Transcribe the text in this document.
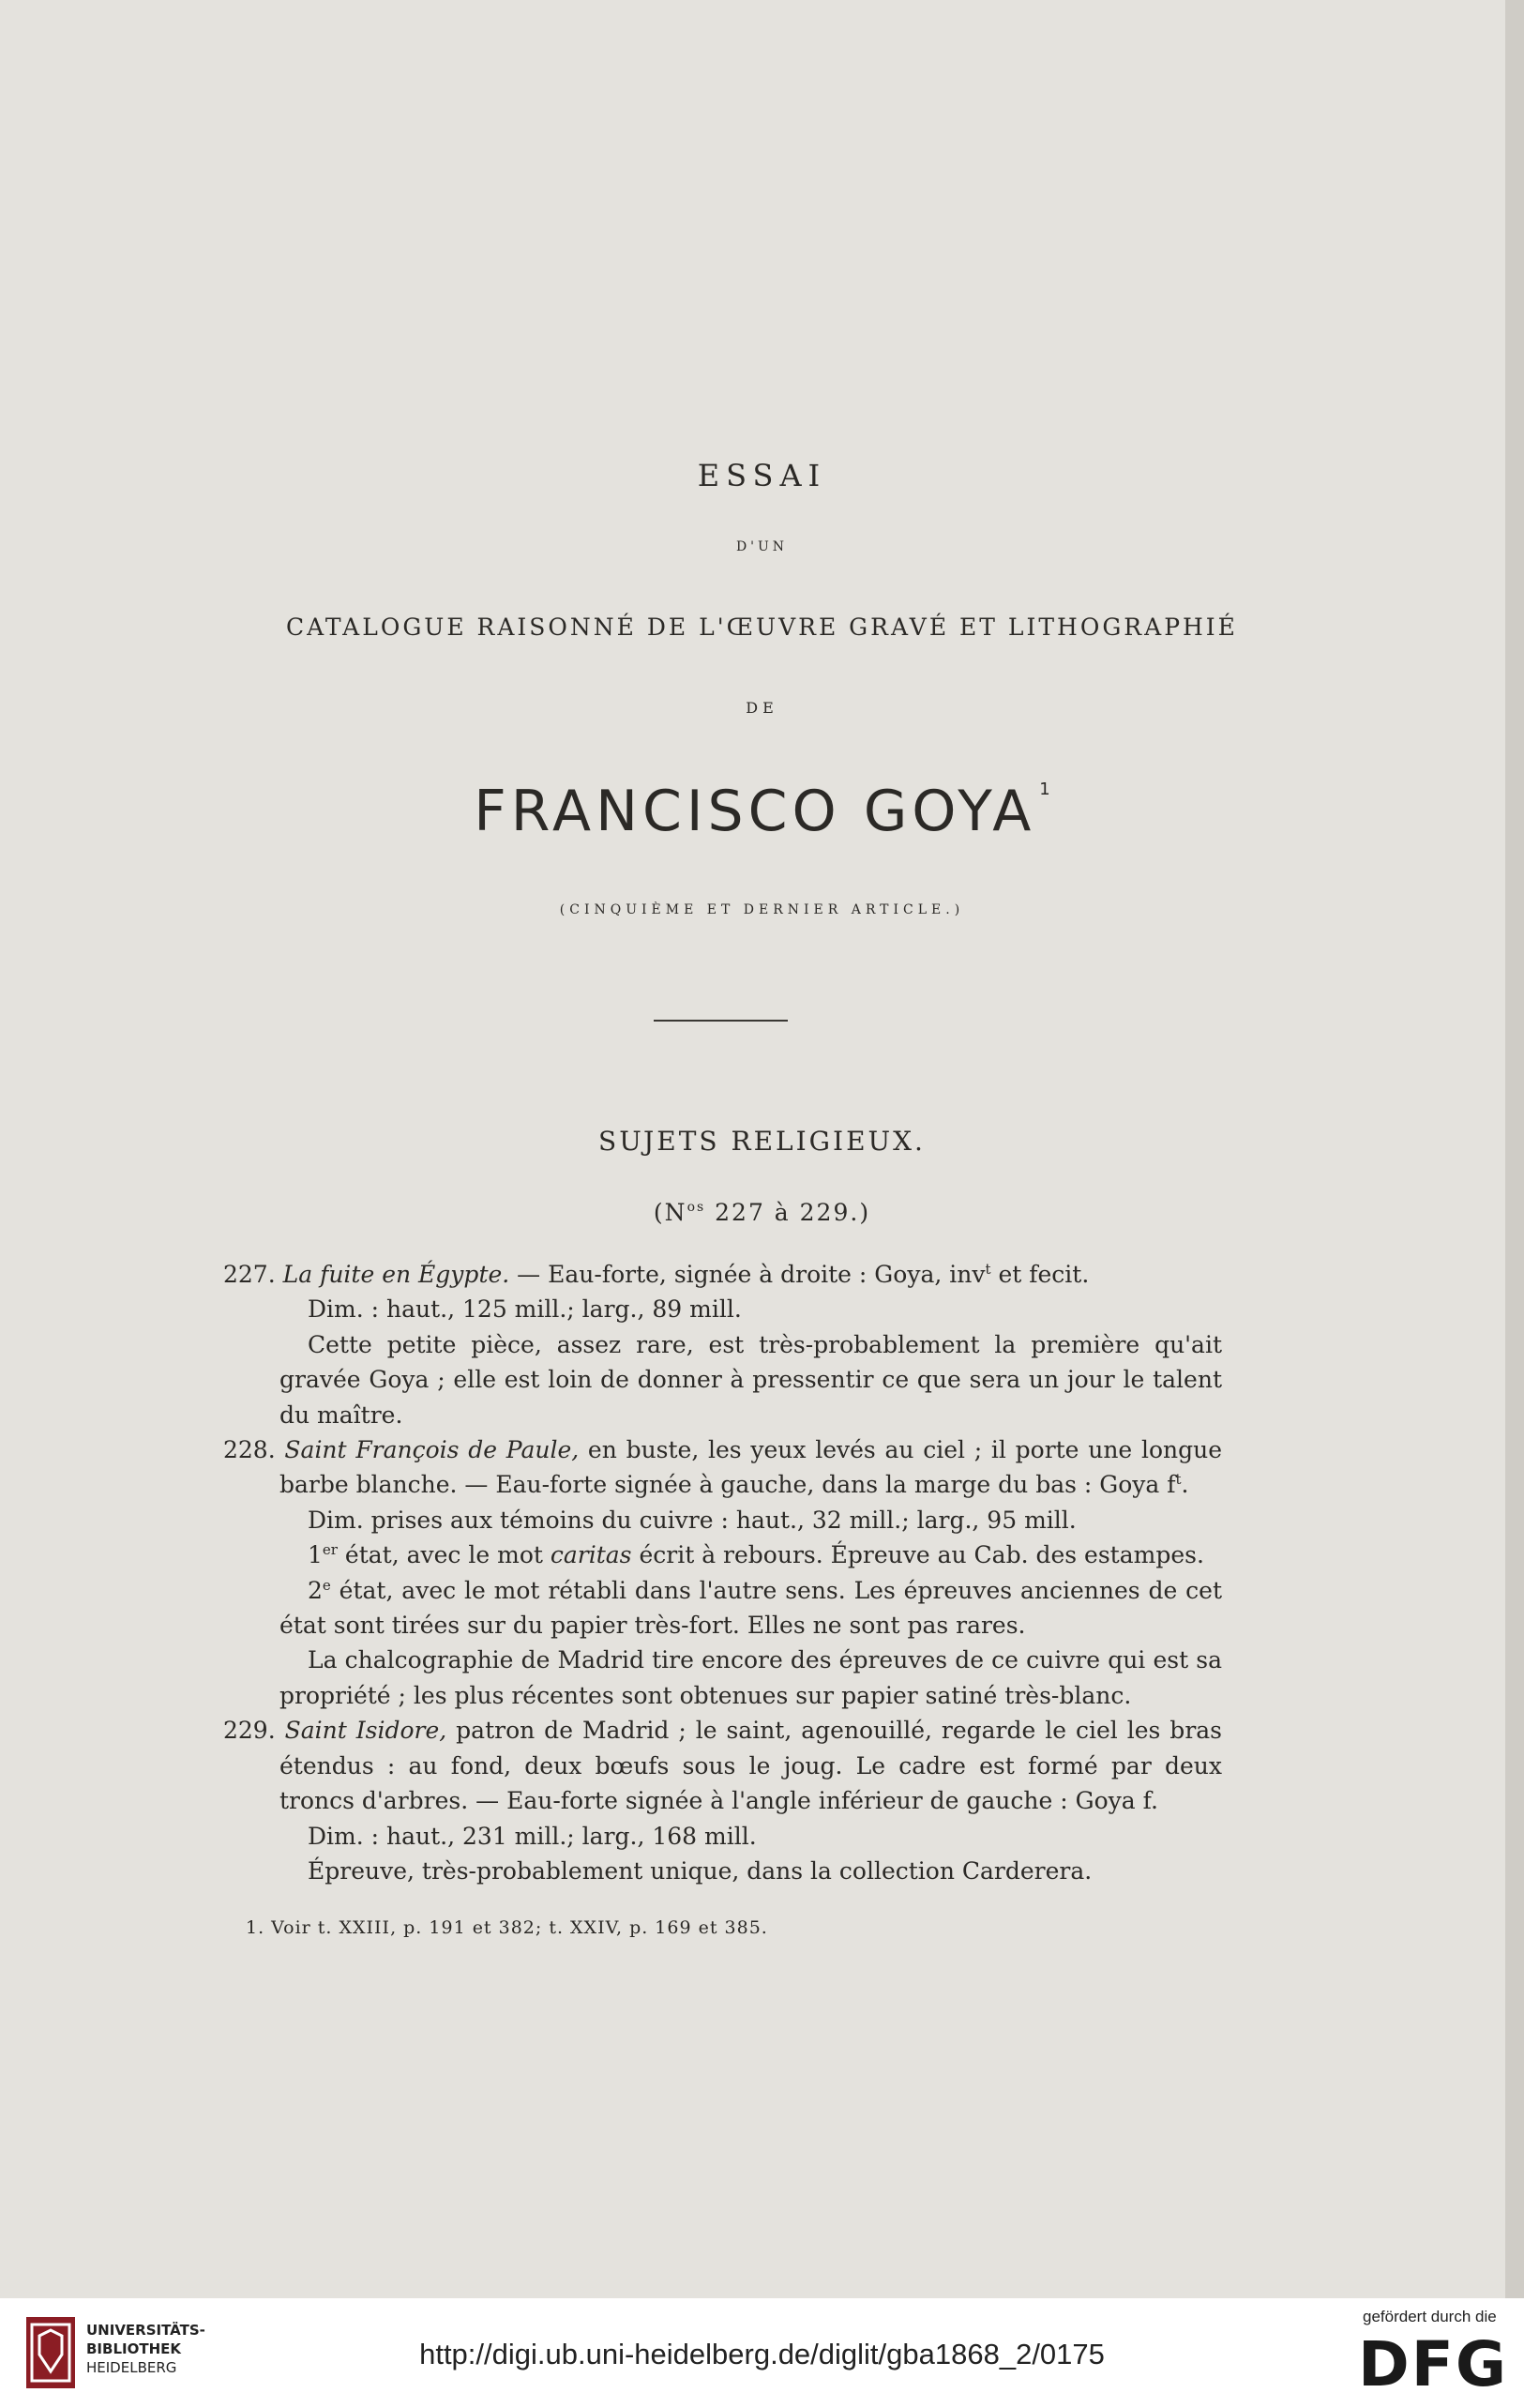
ESSAI
D'UN
CATALOGUE RAISONNÉ DE L'ŒUVRE GRAVÉ ET LITHOGRAPHIÉ
DE
FRANCISCO GOYA $^1$
(CINQUIÈME ET DERNIER ARTICLE.)
SUJETS RELIGIEUX.
($N^{os}$ 227 à 229.)

227. La fuite en Égypte. — Eau-forte, signée à droite : Goya, inv$^t$ et fecit.

Dim. : haut., 125 mill.; larg., 89 mill.

Cette petite pièce, assez rare, est très-probablement la première qu'ait gravée Goya ; elle est loin de donner à pressentir ce que sera un jour le talent du maître.

228. Saint François de Paule, en buste, les yeux levés au ciel ; il porte une longue barbe blanche. — Eau-forte signée à gauche, dans la marge du bas : Goya $f^t$.

Dim. prises aux témoins du cuivre : haut., 32 mill.; larg., 95 mill.

1er état, avec le mot caritas écrit à rebours. Épreuve au Cab. des estampes.

2e état, avec le mot rétabli dans l'autre sens. Les épreuves anciennes de cet état sont tirées sur du papier très-fort. Elles ne sont pas rares.

La chalcographie de Madrid tire encore des épreuves de ce cuivre qui est sa propriété ; les plus récentes sont obtenues sur papier satiné très-blanc.

229. Saint Isidore, patron de Madrid ; le saint, agenouillé, regarde le ciel les bras étendus : au fond, deux bœufs sous le joug. Le cadre est formé par deux troncs d'arbres. — Eau-forte signée à l'angle inférieur de gauche : Goya f.

Dim. : haut., 231 mill.; larg., 168 mill.

Épreuve, très-probablement unique, dans la collection Carderera.

1. Voir t. XXIII, p. 191 et 382; t. XXIV, p. 169 et 385.
UNIVERSITÄTS-
BIBLIOTHEK
HEIDELBERG	http://digi.ub.uni-heidelberg.de/diglit/gba1868_2/0175
gefördert durch die
DFG
